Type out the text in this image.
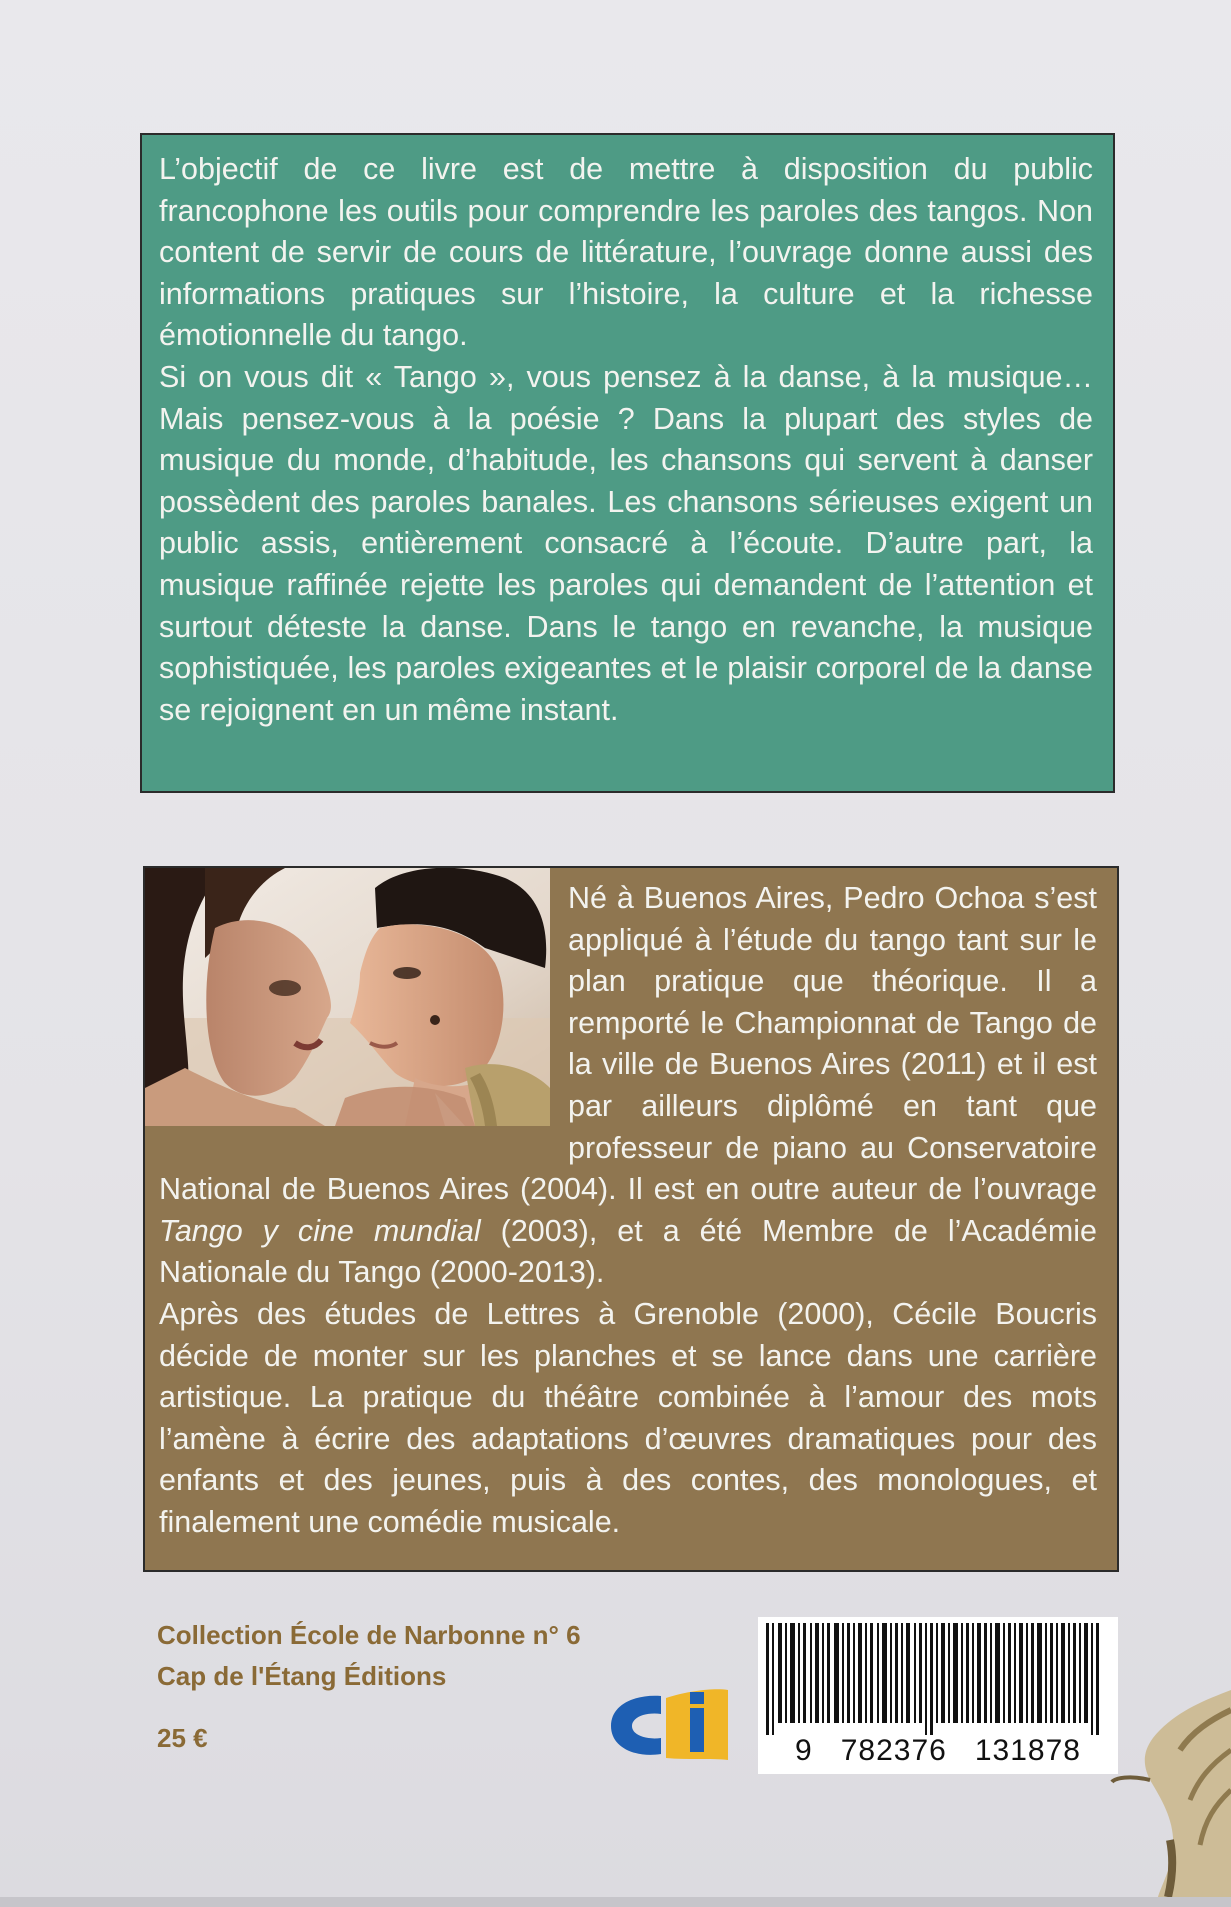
L’objectif de ce livre est de mettre à disposition du public francophone les outils pour comprendre les paroles des tangos. Non content de servir de cours de littérature, l’ouvrage donne aussi des informations pratiques sur l’histoire, la culture et la richesse émotionnelle du tango.

Si on vous dit « Tango », vous pensez à la danse, à la musique… Mais pensez-vous à la poésie ? Dans la plupart des styles de musique du monde, d’habitude, les chansons qui servent à danser possèdent des paroles banales. Les chansons sérieuses exigent un public assis, entièrement consacré à l’écoute. D’autre part, la musique raffinée rejette les paroles qui demandent de l’attention et surtout déteste la danse. Dans le tango en revanche, la musique sophistiquée, les paroles exigeantes et le plaisir corporel de la danse se rejoignent en un même instant.

Né à Buenos Aires, Pedro Ochoa s’est appliqué à l’étude du tango tant sur le plan pratique que théorique. Il a remporté le Championnat de Tango de la ville de Buenos Aires (2011) et il est par ailleurs diplômé en tant que professeur de piano au Conservatoire National de Buenos Aires (2004). Il est en outre auteur de l’ouvrage Tango y cine mundial (2003), et a été Membre de l’Académie Nationale du Tango (2000-2013).

Après des études de Lettres à Grenoble (2000), Cécile Boucris décide de monter sur les planches et se lance dans une carrière artistique. La pratique du théâtre combinée à l’amour des mots l’amène à écrire des adaptations d’œuvres dramatiques pour des enfants et des jeunes, puis à des contes, des monologues, et finalement une comédie musicale.

Collection École de Narbonne n° 6
Cap de l'Étang Éditions
25 €	9   782376   131878
